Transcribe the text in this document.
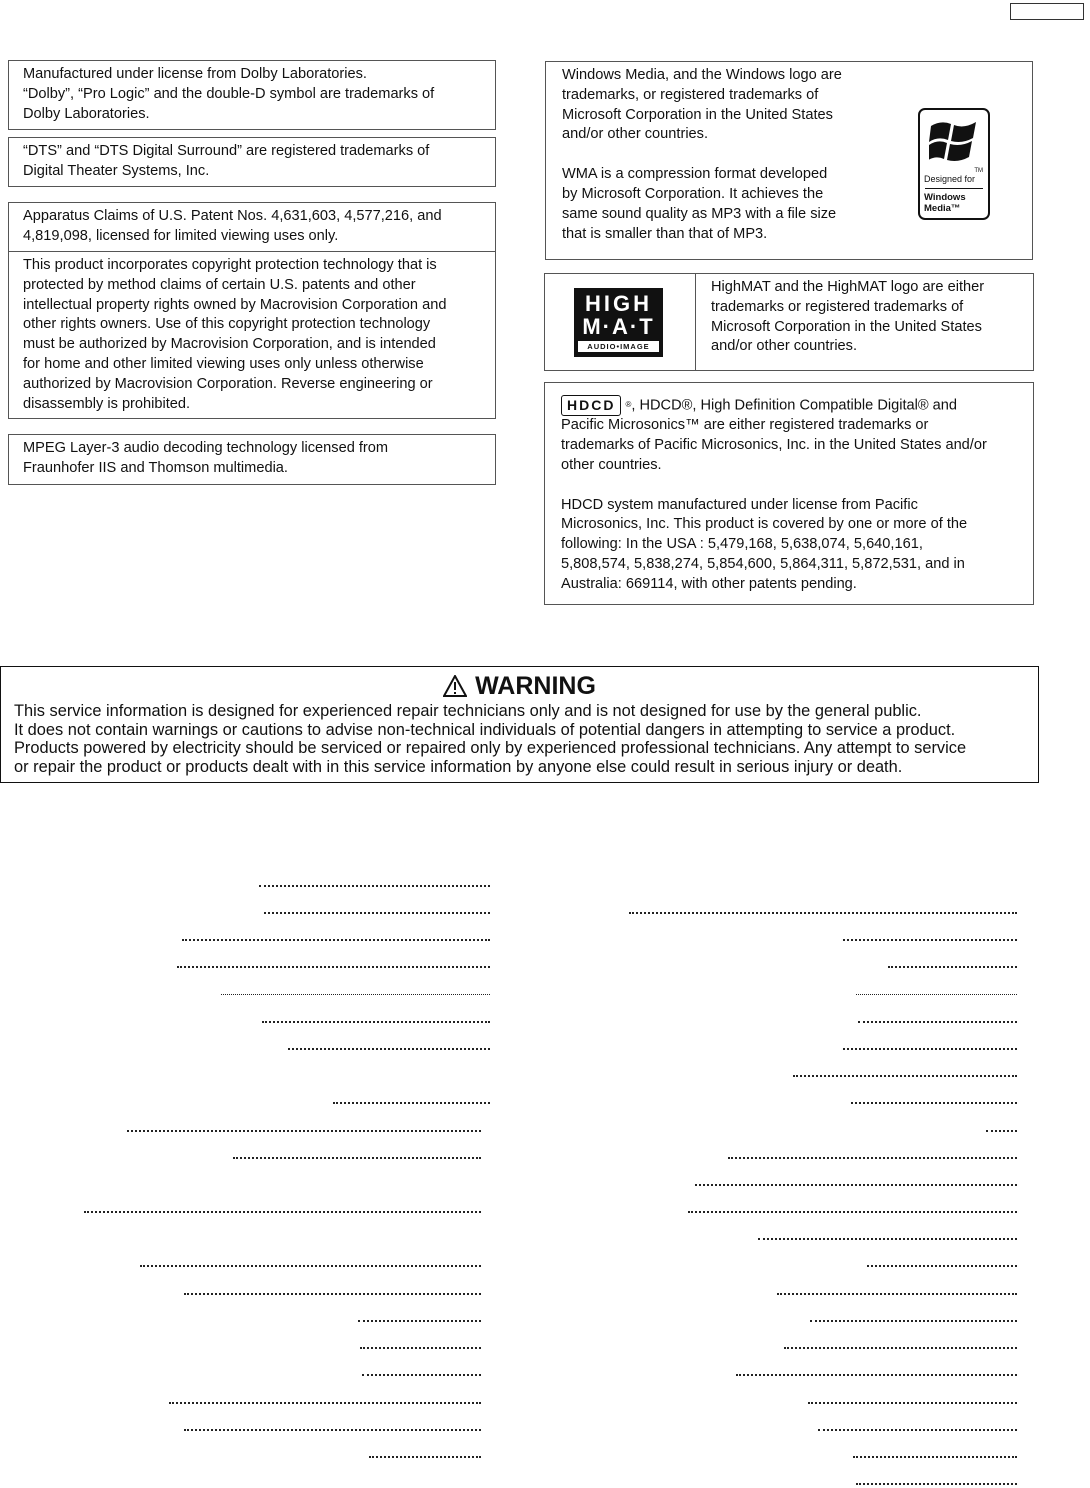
Manufactured under license from Dolby Laboratories.

“Dolby”, “Pro Logic” and the double-D symbol are trademarks of

Dolby Laboratories.

“DTS” and “DTS Digital Surround” are registered trademarks of

Digital Theater Systems, Inc.

Apparatus Claims of U.S. Patent Nos. 4,631,603, 4,577,216, and

4,819,098, licensed for limited viewing uses only.

This product incorporates copyright protection technology that is

protected by method claims of certain U.S. patents and other

intellectual property rights owned by Macrovision Corporation and

other rights owners. Use of this copyright protection technology

must be authorized by Macrovision Corporation, and is intended

for home and other limited viewing uses only unless otherwise

authorized by Macrovision Corporation. Reverse engineering or

disassembly is prohibited.

MPEG Layer-3 audio decoding technology licensed from

Fraunhofer IIS and Thomson multimedia.

Windows Media, and the Windows logo are

trademarks, or registered trademarks of

Microsoft Corporation in the United States

and/or other countries.

WMA is a compression format developed

by Microsoft Corporation. It achieves the

same sound quality as MP3 with a file size

that is smaller than that of MP3.

TM
Designed for
Windows
Media™
HIGH
M·A·T
AUDIO•IMAGE

HighMAT and the HighMAT logo are either

trademarks or registered trademarks of

Microsoft Corporation in the United States

and/or other countries.

HDCD ®, HDCD®, High Definition Compatible Digital® and

Pacific Microsonics™ are either registered trademarks or

trademarks of Pacific Microsonics, Inc. in the United States and/or

other countries.

HDCD system manufactured under license from Pacific

Microsonics, Inc. This product is covered by one or more of the

following: In the USA : 5,479,168, 5,638,074, 5,640,161,

5,808,574, 5,838,274, 5,854,600, 5,864,311, 5,872,531, and in

Australia: 669114, with other patents pending.

WARNING
This service information is designed for experienced repair technicians only and is not designed for use by the general public.
It does not contain warnings or cautions to advise non-technical individuals of potential dangers in attempting to service a product.
Products powered by electricity should be serviced or repaired only by experienced professional technicians. Any attempt to service
or repair the product or products dealt with in this service information by anyone else could result in serious injury or death.
